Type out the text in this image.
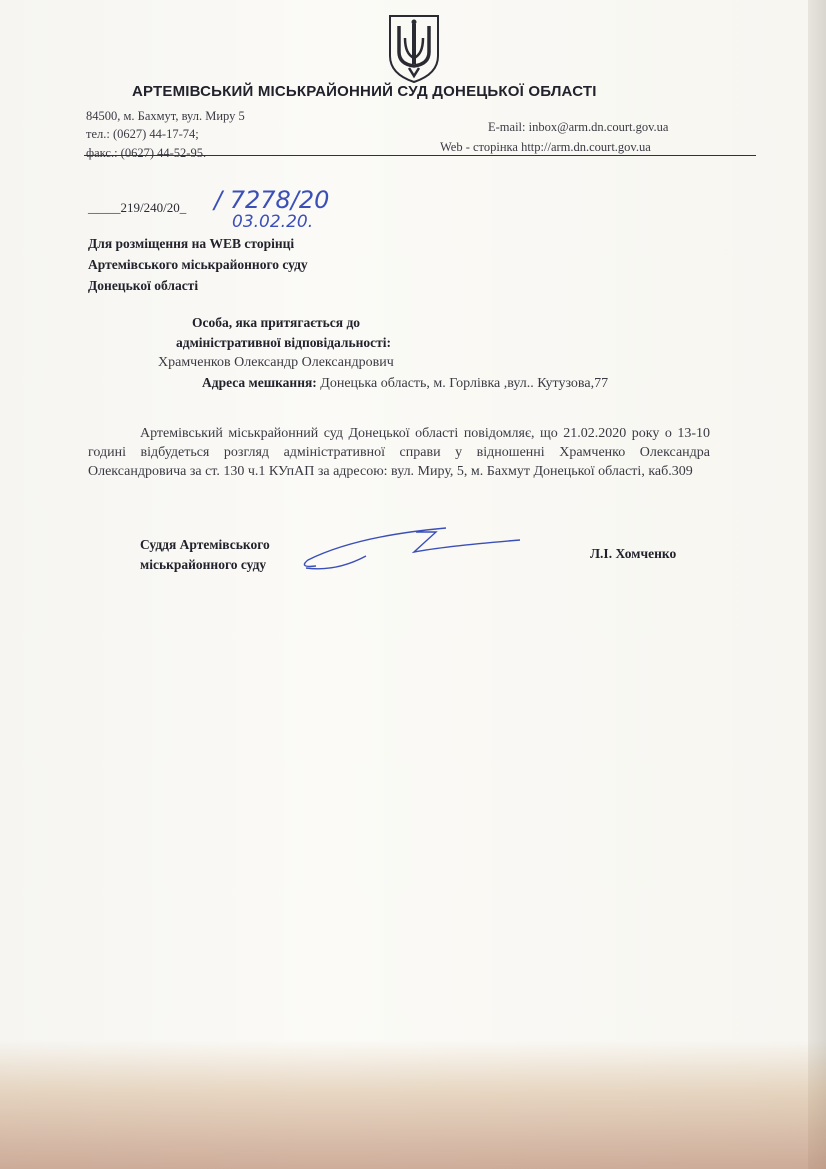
АРТЕМІВСЬКИЙ МІСЬКРАЙОННИЙ СУД ДОНЕЦЬКОЇ ОБЛАСТІ
84500, м. Бахмут, вул. Миру 5
тел.: (0627) 44-17-74;
факс.: (0627) 44-52-95.
E-mail: inbox@arm.dn.court.gov.ua
Web - сторінка http://arm.dn.court.gov.ua
_____219/240/20_ / 7278/20
03.02.20.
Для розміщення на WEB сторінці
Артемівського міськрайонного суду
Донецької області
Особа, яка притягається до
адміністративної відповідальності:
Храмченков Олександр Олександрович
Адреса мешкання: Донецька область, м. Горлівка ,вул.. Кутузова,77

Артемівський міськрайонний суд Донецької області повідомляє, що 21.02.2020 року о 13-10 годині відбудеться розгляд адміністративної справи у відношенні Храмченко Олександра Олександровича за ст. 130 ч.1 КУпАП за адресою: вул. Миру, 5, м. Бахмут Донецької області, каб.309

Суддя Артемівського
міськрайонного суду
Л.І. Хомченко
